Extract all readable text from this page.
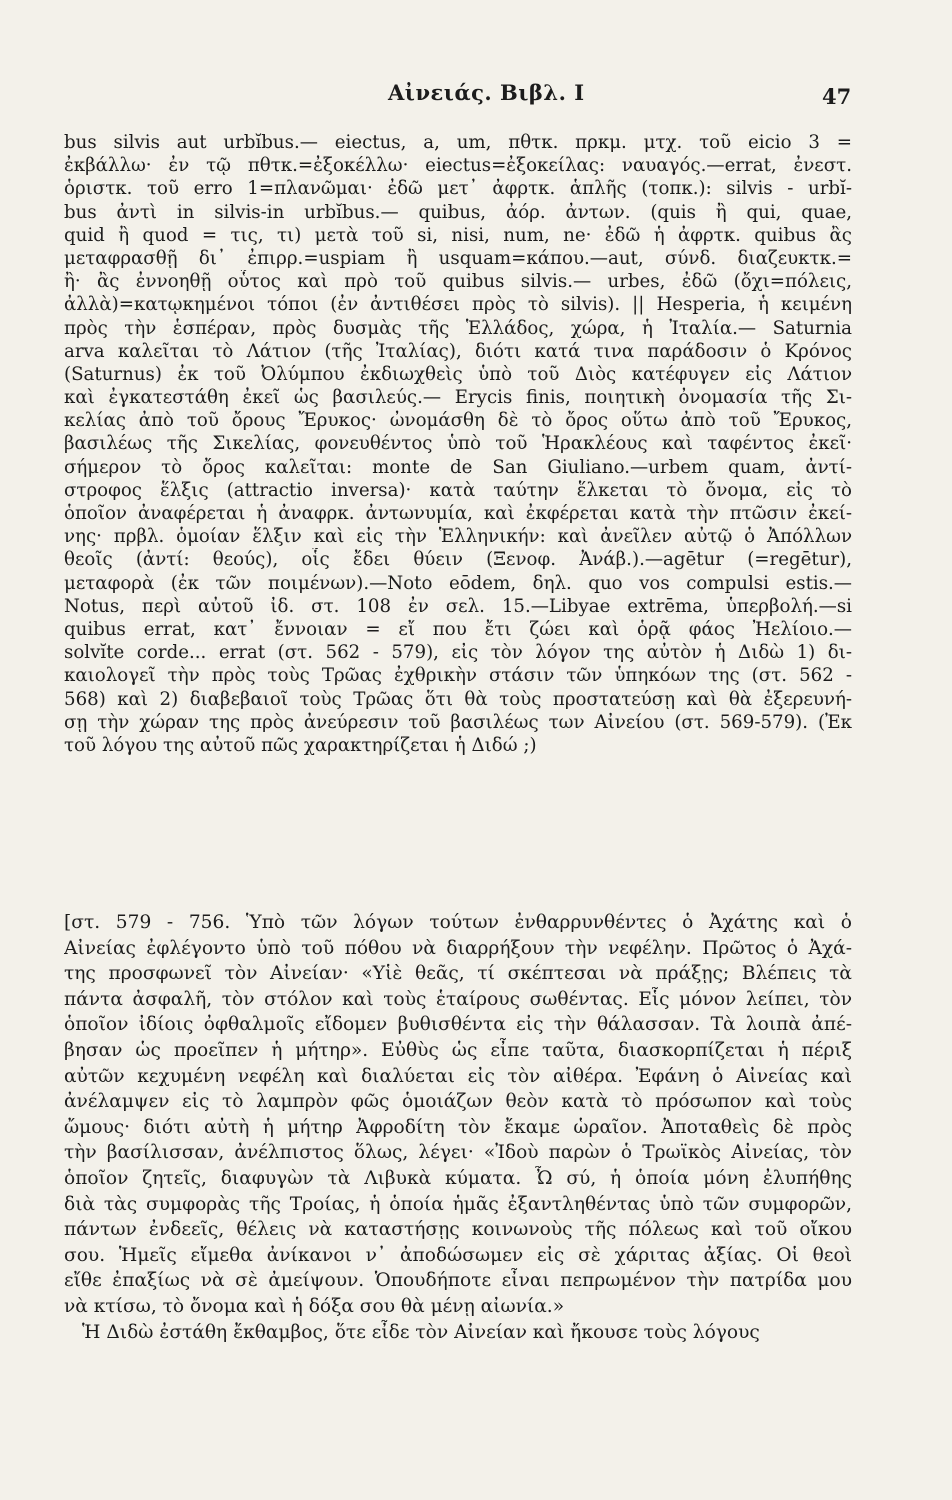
Αἰνειάς. Βιβλ. Ι	47
bus silvis aut urbĭbus.— eiectus, a, um, πθτκ. πρκμ. μτχ. τοῦ eicio 3 =
ἐκβάλλω· ἐν τῷ πθτκ.=ἐξοκέλλω· eiectus=ἐξοκείλας: ναυαγός.—errat, ἐνεστ.
ὁριστκ. τοῦ erro 1=πλανῶμαι· ἐδῶ μετ᾽ ἀφρτκ. ἁπλῆς (τοπκ.): silvis - urbĭ-
bus ἀντὶ in silvis-in urbĭbus.— quibus, ἀόρ. ἀντων. (quis ἢ qui, quae,
quid ἢ quod = τις, τι) μετὰ τοῦ si, nisi, num, ne· ἐδῶ ἡ ἀφρτκ. quibus ἂς
μεταφρασθῇ δι᾽ ἐπιρρ.=uspiam ἢ usquam=κάπου.—aut, σύνδ. διαζευκτκ.=
ἢ· ἂς ἐννοηθῇ οὗτος καὶ πρὸ τοῦ quibus silvis.— urbes, ἐδῶ (ὄχι=πόλεις,
ἀλλὰ)=κατῳκημένοι τόποι (ἐν ἀντιθέσει πρὸς τὸ silvis). || Hesperia, ἡ κειμένη
πρὸς τὴν ἑσπέραν, πρὸς δυσμὰς τῆς Ἑλλάδος, χώρα, ἡ Ἰταλία.— Saturnia
arva καλεῖται τὸ Λάτιον (τῆς Ἰταλίας), διότι κατά τινα παράδοσιν ὁ Κρόνος
(Saturnus) ἐκ τοῦ Ὀλύμπου ἐκδιωχθεὶς ὑπὸ τοῦ Διὸς κατέφυγεν εἰς Λάτιον
καὶ ἐγκατεστάθη ἐκεῖ ὡς βασιλεύς.— Erycis finis, ποιητικὴ ὀνομασία τῆς Σι-
κελίας ἀπὸ τοῦ ὄρους Ἔρυκος· ὠνομάσθη δὲ τὸ ὄρος οὕτω ἀπὸ τοῦ Ἔρυκος,
βασιλέως τῆς Σικελίας, φονευθέντος ὑπὸ τοῦ Ἡρακλέους καὶ ταφέντος ἐκεῖ·
σήμερον τὸ ὄρος καλεῖται: monte de San Giuliano.—urbem quam, ἀντί-
στροφος ἕλξις (attractio inversa)· κατὰ ταύτην ἕλκεται τὸ ὄνομα, εἰς τὸ
ὁποῖον ἀναφέρεται ἡ ἀναφρκ. ἀντωνυμία, καὶ ἐκφέρεται κατὰ τὴν πτῶσιν ἐκεί-
νης· πρβλ. ὁμοίαν ἕλξιν καὶ εἰς τὴν Ἑλληνικήν: καὶ ἀνεῖλεν αὐτῷ ὁ Ἀπόλλων
θεοῖς (ἀντί: θεούς), οἷς ἔδει θύειν (Ξενοφ. Ἀνάβ.).—agētur (=regētur),
μεταφορὰ (ἐκ τῶν ποιμένων).—Noto eōdem, δηλ. quo vos compulsi estis.—
Notus, περὶ αὐτοῦ ἰδ. στ. 108 ἐν σελ. 15.—Libyae extrēma, ὑπερβολή.—si
quibus errat, κατ᾽ ἔννοιαν = εἴ που ἔτι ζώει καὶ ὁρᾷ φάος Ἠελίοιο.—
solvĭte corde... errat (στ. 562 - 579), εἰς τὸν λόγον της αὐτὸν ἡ Διδὼ 1) δι-
καιολογεῖ τὴν πρὸς τοὺς Τρῶας ἐχθρικὴν στάσιν τῶν ὑπηκόων της (στ. 562 -
568) καὶ 2) διαβεβαιοῖ τοὺς Τρῶας ὅτι θὰ τοὺς προστατεύσῃ καὶ θὰ ἐξερευνή-
σῃ τὴν χώραν της πρὸς ἀνεύρεσιν τοῦ βασιλέως των Αἰνείου (στ. 569-579). (Ἐκ
τοῦ λόγου της αὐτοῦ πῶς χαρακτηρίζεται ἡ Διδώ ;)
[στ. 579 - 756. Ὑπὸ τῶν λόγων τούτων ἐνθαρρυνθέντες ὁ Ἀχάτης καὶ ὁ
Αἰνείας ἐφλέγοντο ὑπὸ τοῦ πόθου νὰ διαρρήξουν τὴν νεφέλην. Πρῶτος ὁ Ἀχά-
της προσφωνεῖ τὸν Αἰνείαν· «Υἱὲ θεᾶς, τί σκέπτεσαι νὰ πράξῃς; Βλέπεις τὰ
πάντα ἀσφαλῆ, τὸν στόλον καὶ τοὺς ἑταίρους σωθέντας. Εἷς μόνον λείπει, τὸν
ὁποῖον ἰδίοις ὀφθαλμοῖς εἴδομεν βυθισθέντα εἰς τὴν θάλασσαν. Τὰ λοιπὰ ἀπέ-
βησαν ὡς προεῖπεν ἡ μήτηρ». Εὐθὺς ὡς εἶπε ταῦτα, διασκορπίζεται ἡ πέριξ
αὐτῶν κεχυμένη νεφέλη καὶ διαλύεται εἰς τὸν αἰθέρα. Ἐφάνη ὁ Αἰνείας καὶ
ἀνέλαμψεν εἰς τὸ λαμπρὸν φῶς ὁμοιάζων θεὸν κατὰ τὸ πρόσωπον καὶ τοὺς
ὤμους· διότι αὐτὴ ἡ μήτηρ Ἀφροδίτη τὸν ἔκαμε ὡραῖον. Ἀποταθεὶς δὲ πρὸς
τὴν βασίλισσαν, ἀνέλπιστος ὅλως, λέγει· «Ἰδοὺ παρὼν ὁ Τρωϊκὸς Αἰνείας, τὸν
ὁποῖον ζητεῖς, διαφυγὼν τὰ Λιβυκὰ κύματα. Ὦ σύ, ἡ ὁποία μόνη ἐλυπήθης
διὰ τὰς συμφορὰς τῆς Τροίας, ἡ ὁποία ἡμᾶς ἐξαντληθέντας ὑπὸ τῶν συμφορῶν,
πάντων ἐνδεεῖς, θέλεις νὰ καταστήσῃς κοινωνοὺς τῆς πόλεως καὶ τοῦ οἴκου
σου. Ἡμεῖς εἴμεθα ἀνίκανοι ν᾽ ἀποδώσωμεν εἰς σὲ χάριτας ἀξίας. Οἱ θεοὶ
εἴθε ἐπαξίως νὰ σὲ ἀμείψουν. Ὁπουδήποτε εἶναι πεπρωμένον τὴν πατρίδα μου
νὰ κτίσω, τὸ ὄνομα καὶ ἡ δόξα σου θὰ μένῃ αἰωνία.»
Ἡ Διδὼ ἐστάθη ἔκθαμβος, ὅτε εἶδε τὸν Αἰνείαν καὶ ἤκουσε τοὺς λόγους
